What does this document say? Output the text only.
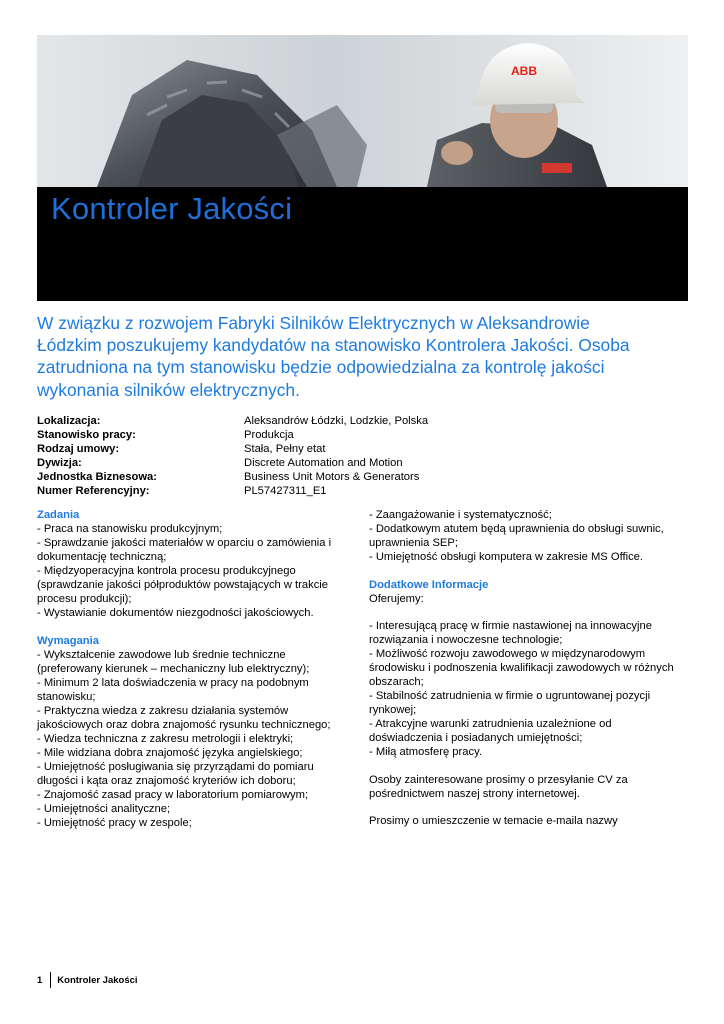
ABB
Kontroler Jakości

W związku z rozwojem Fabryki Silników Elektrycznych w Aleksandrowie Łódzkim poszukujemy kandydatów na stanowisko Kontrolera Jakości. Osoba zatrudniona na tym stanowisku będzie odpowiedzialna za kontrolę jakości wykonania silników elektrycznych.

Lokalizacja:	Aleksandrów Łódzki, Lodzkie, Polska
Stanowisko pracy:	Produkcja
Rodzaj umowy:	Stała, Pełny etat
Dywizja:	Discrete Automation and Motion
Jednostka Biznesowa:	Business Unit Motors & Generators
Numer Referencyjny:	PL57427311_E1

Zadania

- Praca na stanowisku produkcyjnym;

- Sprawdzanie jakości materiałów w oparciu o zamówienia i

dokumentację techniczną;

- Międzyoperacyjna kontrola procesu produkcyjnego

(sprawdzanie jakości półproduktów powstających w trakcie

procesu produkcji);

- Wystawianie dokumentów niezgodności jakościowych.

Wymagania

- Wykształcenie zawodowe lub średnie techniczne

(preferowany kierunek – mechaniczny lub elektryczny);

- Minimum 2 lata doświadczenia w pracy na podobnym

stanowisku;

- Praktyczna wiedza z zakresu działania systemów

jakościowych oraz dobra znajomość rysunku technicznego;

- Wiedza techniczna z zakresu metrologii i elektryki;

- Mile widziana dobra znajomość języka angielskiego;

- Umiejętność posługiwania się przyrządami do pomiaru

długości i kąta oraz znajomość kryteriów ich doboru;

- Znajomość zasad pracy w laboratorium pomiarowym;

- Umiejętności analityczne;

- Umiejętność pracy w zespole;

- Zaangażowanie i systematyczność;

- Dodatkowym atutem będą uprawnienia do obsługi suwnic,

uprawnienia SEP;

- Umiejętność obsługi komputera w zakresie MS Office.

Dodatkowe Informacje

Oferujemy:

- Interesującą pracę w firmie nastawionej na innowacyjne

rozwiązania i nowoczesne technologie;

- Możliwość rozwoju zawodowego w międzynarodowym

środowisku i podnoszenia kwalifikacji zawodowych w różnych

obszarach;

- Stabilność zatrudnienia w firmie o ugruntowanej pozycji

rynkowej;

- Atrakcyjne warunki zatrudnienia uzależnione od

doświadczenia i posiadanych umiejętności;

- Miłą atmosferę pracy.

Osoby zainteresowane prosimy o przesyłanie CV za

pośrednictwem naszej strony internetowej.

Prosimy o umieszczenie w temacie e-maila nazwy

1 Kontroler Jakości
